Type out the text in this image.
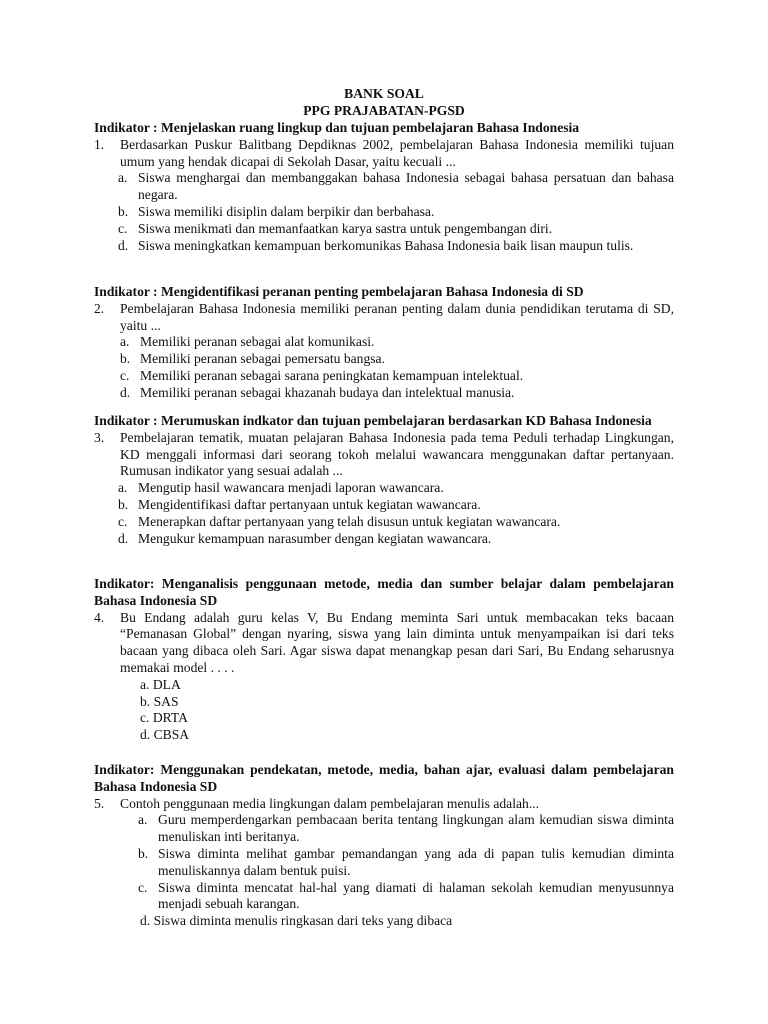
BANK SOAL
PPG PRAJABATAN-PGSD
Indikator : Menjelaskan ruang lingkup dan tujuan pembelajaran Bahasa Indonesia
1.	Berdasarkan Puskur Balitbang Depdiknas 2002, pembelajaran Bahasa Indonesia memiliki tujuan umum yang hendak dicapai di Sekolah Dasar, yaitu kecuali ...
a. Siswa menghargai dan membanggakan bahasa Indonesia sebagai bahasa persatuan dan bahasa negara.
b. Siswa memiliki disiplin dalam berpikir dan berbahasa.
c. Siswa menikmati dan memanfaatkan karya sastra untuk pengembangan diri.
d. Siswa meningkatkan kemampuan berkomunikas Bahasa Indonesia baik lisan maupun tulis.
Indikator : Mengidentifikasi peranan penting pembelajaran Bahasa Indonesia di SD
2.	Pembelajaran Bahasa Indonesia memiliki peranan penting dalam dunia pendidikan terutama di SD, yaitu ...
a. Memiliki peranan sebagai alat komunikasi.
b. Memiliki peranan sebagai pemersatu bangsa.
c. Memiliki peranan sebagai sarana peningkatan kemampuan intelektual.
d. Memiliki peranan sebagai khazanah budaya dan intelektual manusia.
Indikator : Merumuskan indkator dan tujuan pembelajaran berdasarkan KD Bahasa Indonesia
3.	Pembelajaran tematik, muatan pelajaran Bahasa Indonesia pada tema Peduli terhadap Lingkungan, KD menggali informasi dari seorang tokoh melalui wawancara menggunakan daftar pertanyaan. Rumusan indikator yang sesuai adalah ...
a. Mengutip hasil wawancara menjadi laporan wawancara.
b. Mengidentifikasi daftar pertanyaan untuk kegiatan wawancara.
c. Menerapkan daftar pertanyaan yang telah disusun untuk kegiatan wawancara.
d. Mengukur kemampuan narasumber dengan kegiatan wawancara.
Indikator: Menganalisis penggunaan metode, media dan sumber belajar dalam pembelajaran Bahasa Indonesia SD
4.	Bu Endang adalah guru kelas V, Bu Endang meminta Sari untuk membacakan teks bacaan “Pemanasan Global” dengan nyaring, siswa yang lain diminta untuk menyampaikan isi dari teks bacaan yang dibaca oleh Sari. Agar siswa dapat menangkap pesan dari Sari, Bu Endang seharusnya memakai model . . . .
a. DLA
b. SAS
c. DRTA
d. CBSA
Indikator: Menggunakan pendekatan, metode, media, bahan ajar, evaluasi dalam pembelajaran Bahasa Indonesia SD
5.	Contoh penggunaan media lingkungan dalam pembelajaran menulis adalah...
a. Guru memperdengarkan pembacaan berita tentang lingkungan alam kemudian siswa diminta menuliskan inti beritanya.
b. Siswa diminta melihat gambar pemandangan yang ada di papan tulis kemudian diminta menuliskannya dalam bentuk puisi.
c. Siswa diminta mencatat hal-hal yang diamati di halaman sekolah kemudian menyusunnya menjadi sebuah karangan.
d. Siswa diminta menulis ringkasan dari teks yang dibaca
